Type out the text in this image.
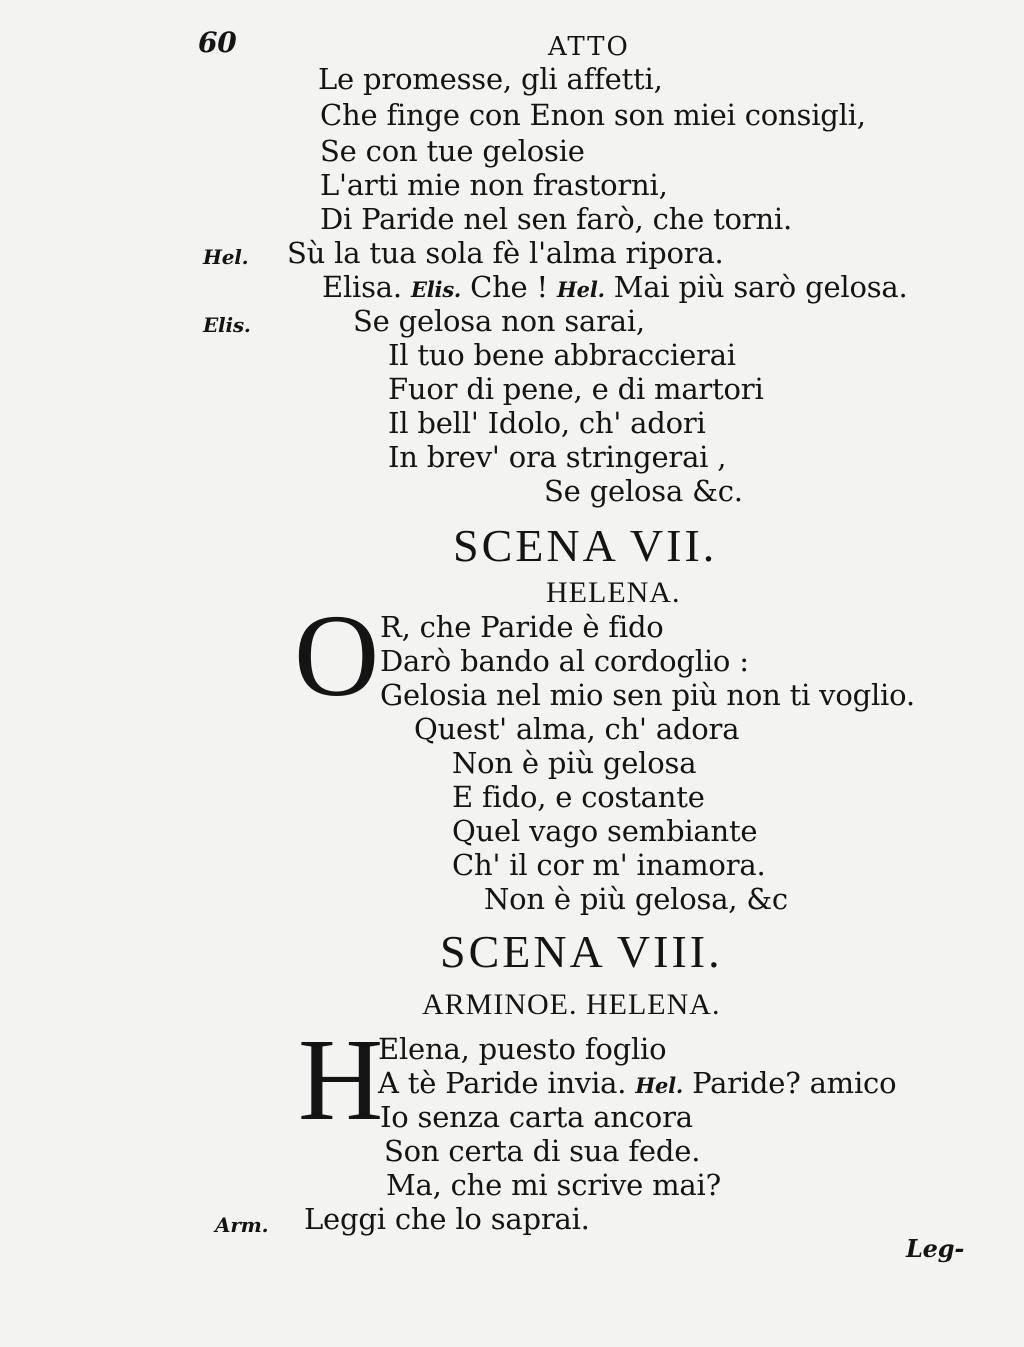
60	ATTO
Le promesse, gli affetti,
Che finge con Enon son miei consigli,
Se con tue gelosie
L'arti mie non frastorni,
Di Paride nel sen farò, che torni.
Hel. Sù la tua sola fè l'alma ripora.
Elisa. Elis. Che ! Hel. Mai più sarò gelosa.
Elis.	Se gelosa non sarai,
Il tuo bene abbraccierai
Fuor di pene, e di martori
Il bell' Idolo, ch' adori
In brev' ora stringerai ,
Se gelosa &c.
SCENA VII.
HELENA.
O R, che Paride è fido
Darò bando al cordoglio :
Gelosia nel mio sen più non ti voglio.
Quest' alma, ch' adora
Non è più gelosa
E fido, e costante
Quel vago sembiante
Ch' il cor m' inamora.
Non è più gelosa, &c
SCENA VIII.
ARMINOE. HELENA.
H
Elena, puesto foglio
A tè Paride invia. Hel. Paride? amico
Io senza carta ancora
Son certa di sua fede.
Ma, che mi scrive mai?
Arm. Leggi che lo saprai.
Leg-
